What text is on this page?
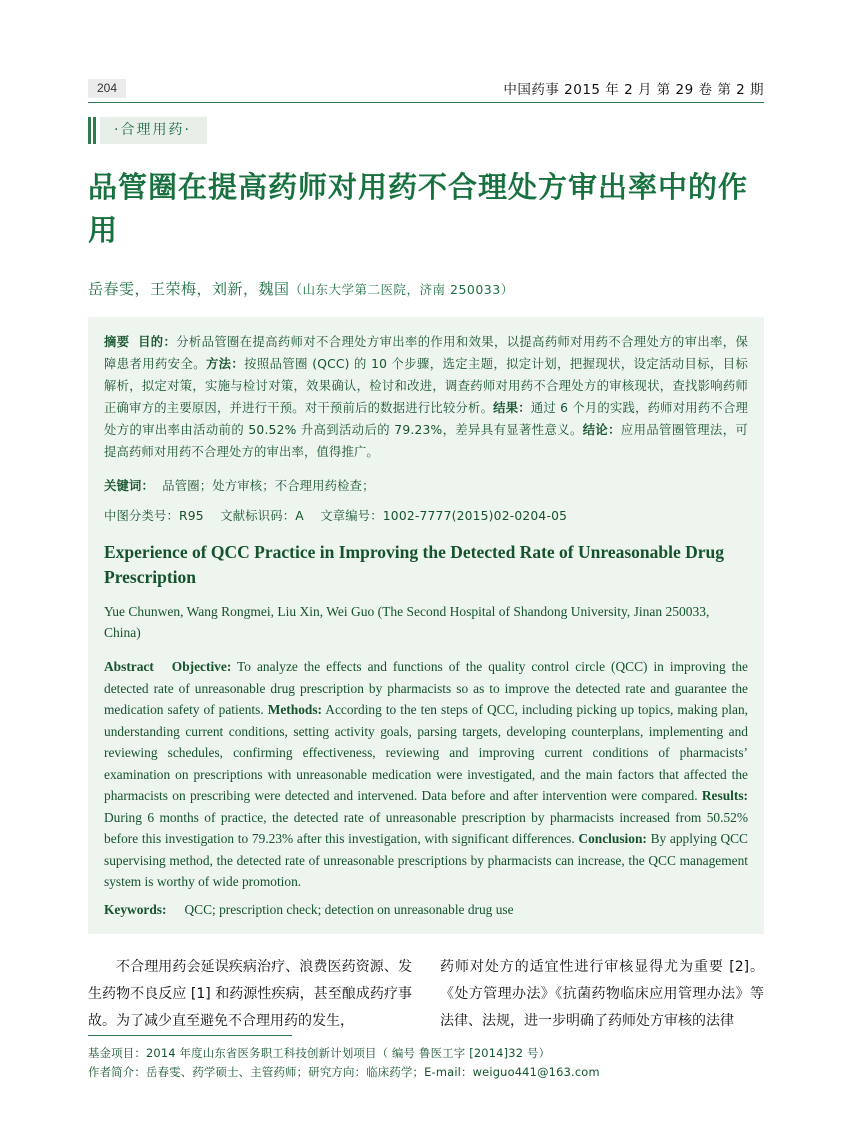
204	中国药事 2015 年 2 月 第 29 卷 第 2 期
·合理用药·
品管圈在提高药师对用药不合理处方审出率中的作用
岳春雯，王荣梅，刘新，魏国（山东大学第二医院，济南 250033）
摘要 目的：分析品管圈在提高药师对不合理处方审出率的作用和效果，以提高药师对用药不合理处方的审出率，保障患者用药安全。方法：按照品管圈 (QCC) 的 10 个步骤，选定主题，拟定计划，把握现状，设定活动目标，目标解析，拟定对策，实施与检讨对策，效果确认，检讨和改进，调查药师对用药不合理处方的审核现状，查找影响药师正确审方的主要原因，并进行干预。对干预前后的数据进行比较分析。结果：通过 6 个月的实践，药师对用药不合理处方的审出率由活动前的 50.52% 升高到活动后的 79.23%，差异具有显著性意义。结论：应用品管圈管理法，可提高药师对用药不合理处方的审出率，值得推广。
关键词： 品管圈；处方审核；不合理用药检查；
中图分类号：R95 文献标识码：A 文章编号：1002-7777(2015)02-0204-05
Experience of QCC Practice in Improving the Detected Rate of Unreasonable Drug Prescription
Yue Chunwen, Wang Rongmei, Liu Xin, Wei Guo (The Second Hospital of Shandong University, Jinan 250033, China)
Abstract Objective: To analyze the effects and functions of the quality control circle (QCC) in improving the detected rate of unreasonable drug prescription by pharmacists so as to improve the detected rate and guarantee the medication safety of patients. Methods: According to the ten steps of QCC, including picking up topics, making plan, understanding current conditions, setting activity goals, parsing targets, developing counterplans, implementing and reviewing schedules, confirming effectiveness, reviewing and improving current conditions of pharmacists’ examination on prescriptions with unreasonable medication were investigated, and the main factors that affected the pharmacists on prescribing were detected and intervened. Data before and after intervention were compared. Results: During 6 months of practice, the detected rate of unreasonable prescription by pharmacists increased from 50.52% before this investigation to 79.23% after this investigation, with significant differences. Conclusion: By applying QCC supervising method, the detected rate of unreasonable prescriptions by pharmacists can increase, the QCC management system is worthy of wide promotion.
Keywords: QCC; prescription check; detection on unreasonable drug use

不合理用药会延误疾病治疗、浪费医药资源、发生药物不良反应 [1] 和药源性疾病，甚至酿成药疗事故。为了减少直至避免不合理用药的发生，

药师对处方的适宜性进行审核显得尤为重要 [2]。《处方管理办法》《抗菌药物临床应用管理办法》等法律、法规，进一步明确了药师处方审核的法律

基金项目：2014 年度山东省医务职工科技创新计划项目（ 编号 鲁医工字 [2014]32 号）
作者简介：岳春雯、药学硕士、主管药师；研究方向：临床药学；E-mail：weiguo441@163.com
